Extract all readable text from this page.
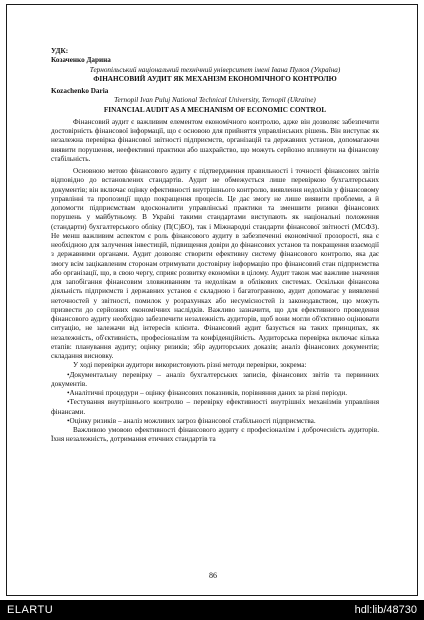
УДК:

Козаченко Дарина

Тернопільський національний технічний університет імені Івана Пулюя (Україна)

ФІНАНСОВИЙ АУДИТ ЯК МЕХАНІЗМ ЕКОНОМІЧНОГО КОНТРОЛЮ

Kozachenko Daria

Ternopil Ivan Puluj National Technical University, Ternopil (Ukraine)

FINANCIAL AUDIT AS A MECHANISM OF ECONOMIC CONTROL

Фінансовий аудит є важливим елементом економічного контролю, адже він дозволяє забезпечити достовірність фінансової інформації, що є основою для прийняття управлінських рішень. Він виступає як незалежна перевірка фінансової звітності підприємств, організацій та державних установ, допомагаючи виявити порушення, неефективні практики або шахрайство, що можуть серйозно вплинути на фінансову стабільність.

Основною метою фінансового аудиту є підтвердження правильності і точності фінансових звітів відповідно до встановлених стандартів. Аудит не обмежується лише перевіркою бухгалтерських документів; він включає оцінку ефективності внутрішнього контролю, виявлення недоліків у фінансовому управлінні та пропозиції щодо покращення процесів. Це дає змогу не лише виявити проблеми, а й допомогти підприємствам вдосконалити управлінські практики та зменшити ризики фінансових порушень у майбутньому. В Україні такими стандартами виступають як національні положення (стандарти) бухгалтерського обліку (П(С)БО), так і Міжнародні стандарти фінансової звітності (МСФЗ). Не менш важливим аспектом є роль фінансового аудиту в забезпеченні економічної прозорості, яка є необхідною для залучення інвестицій, підвищення довіри до фінансових установ та покращення взаємодії з державними органами. Аудит дозволяє створити ефективну систему фінансового контролю, яка дає змогу всім зацікавленим сторонам отримувати достовірну інформацію про фінансовий стан підприємства або організації, що, в свою чергу, сприяє розвитку економіки в цілому. Аудит також має важливе значення для запобігання фінансовим зловживанням та недолікам в облікових системах. Оскільки фінансова діяльність підприємств і державних установ є складною і багатогранною, аудит допомагає у виявленні неточностей у звітності, помилок у розрахунках або несумісностей із законодавством, що можуть призвести до серйозних економічних наслідків. Важливо зазначити, що для ефективного проведення фінансового аудиту необхідно забезпечити незалежність аудиторів, щоб вони могли об'єктивно оцінювати ситуацію, не залежачи від інтересів клієнта. Фінансовий аудит базується на таких принципах, як незалежність, об'єктивність, професіоналізм та конфіденційність. Аудиторська перевірка включає кілька етапів: планування аудиту; оцінку ризиків; збір аудиторських доказів; аналіз фінансових документів; складання висновку.

У ході перевірки аудитори використовують різні методи перевірки, зокрема:

•Документальну перевірку – аналіз бухгалтерських записів, фінансових звітів та первинних документів.

•Аналітичні процедури – оцінку фінансових показників, порівняння даних за різні періоди.

•Тестування внутрішнього контролю – перевірку ефективності внутрішніх механізмів управління фінансами.

•Оцінку ризиків – аналіз можливих загроз фінансової стабільності підприємства.

Важливою умовою ефективності фінансового аудиту є професіоналізм і доброчесність аудиторів. Їхня незалежність, дотримання етичних стандартів та

86
ELARTU	hdl:lib/48730
